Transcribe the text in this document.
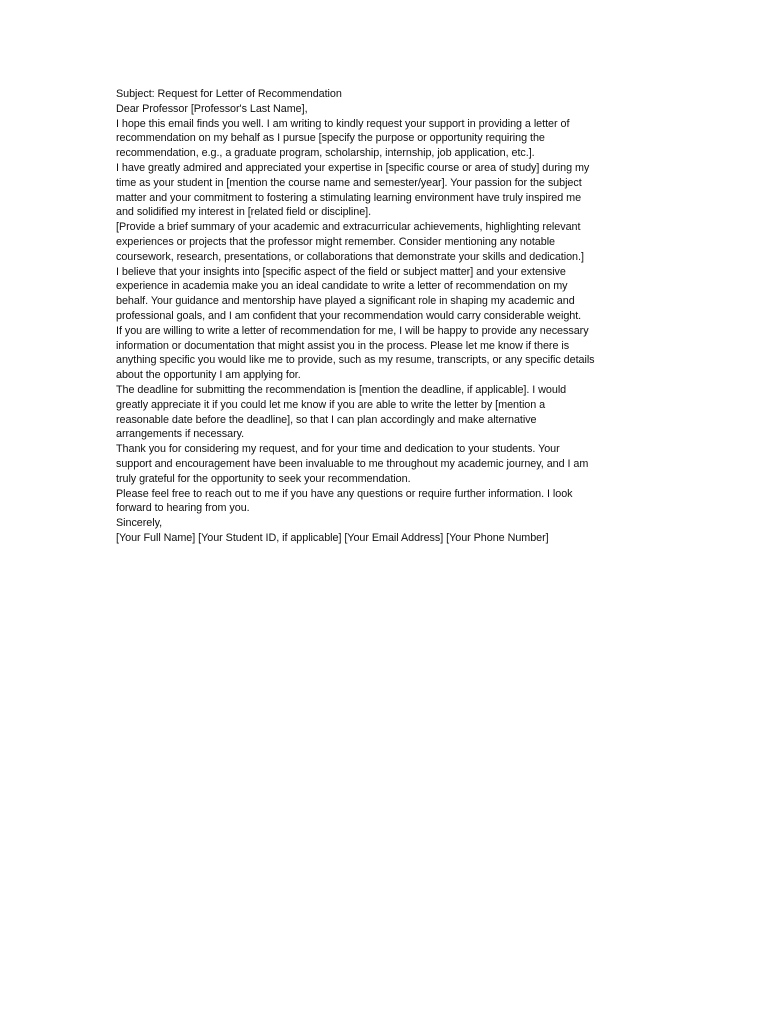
Subject: Request for Letter of Recommendation
Dear Professor [Professor's Last Name],
I hope this email finds you well. I am writing to kindly request your support in providing a letter of
recommendation on my behalf as I pursue [specify the purpose or opportunity requiring the
recommendation, e.g., a graduate program, scholarship, internship, job application, etc.].
I have greatly admired and appreciated your expertise in [specific course or area of study] during my
time as your student in [mention the course name and semester/year]. Your passion for the subject
matter and your commitment to fostering a stimulating learning environment have truly inspired me
and solidified my interest in [related field or discipline].
[Provide a brief summary of your academic and extracurricular achievements, highlighting relevant
experiences or projects that the professor might remember. Consider mentioning any notable
coursework, research, presentations, or collaborations that demonstrate your skills and dedication.]
I believe that your insights into [specific aspect of the field or subject matter] and your extensive
experience in academia make you an ideal candidate to write a letter of recommendation on my
behalf. Your guidance and mentorship have played a significant role in shaping my academic and
professional goals, and I am confident that your recommendation would carry considerable weight.
If you are willing to write a letter of recommendation for me, I will be happy to provide any necessary
information or documentation that might assist you in the process. Please let me know if there is
anything specific you would like me to provide, such as my resume, transcripts, or any specific details
about the opportunity I am applying for.
The deadline for submitting the recommendation is [mention the deadline, if applicable]. I would
greatly appreciate it if you could let me know if you are able to write the letter by [mention a
reasonable date before the deadline], so that I can plan accordingly and make alternative
arrangements if necessary.
Thank you for considering my request, and for your time and dedication to your students. Your
support and encouragement have been invaluable to me throughout my academic journey, and I am
truly grateful for the opportunity to seek your recommendation.
Please feel free to reach out to me if you have any questions or require further information. I look
forward to hearing from you.
Sincerely,
[Your Full Name] [Your Student ID, if applicable] [Your Email Address] [Your Phone Number]
